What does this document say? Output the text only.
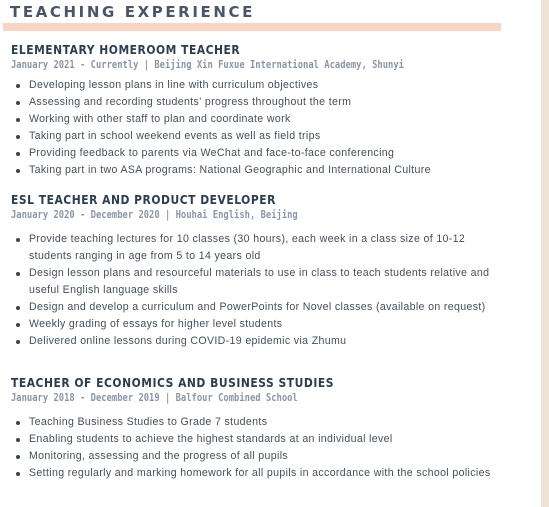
TEACHING EXPERIENCE
ELEMENTARY HOMEROOM TEACHER
January 2021 - Currently | Beijing Xin Fuxue International Academy, Shunyi
Developing lesson plans in line with curriculum objectives
Assessing and recording students' progress throughout the term
Working with other staff to plan and coordinate work
Taking part in school weekend events as well as field trips
Providing feedback to parents via WeChat and face-to-face conferencing
Taking part in two ASA programs: National Geographic and International Culture
ESL TEACHER AND PRODUCT DEVELOPER
January 2020 - December 2020 | Houhai English, Beijing
Provide teaching lectures for 10 classes (30 hours), each week in a class size of 10-12 students ranging in age from 5 to 14 years old
Design lesson plans and resourceful materials to use in class to teach students relative and useful English language skills
Design and develop a curriculum and PowerPoints for Novel classes (available on request)
Weekly grading of essays for higher level students
Delivered online lessons during COVID-19 epidemic via Zhumu
TEACHER OF ECONOMICS AND BUSINESS STUDIES
January 2018 - December 2019 | Balfour Combined School
Teaching Business Studies to Grade 7 students
Enabling students to achieve the highest standards at an individual level
Monitoring, assessing and the progress of all pupils
Setting regularly and marking homework for all pupils in accordance with the school policies
